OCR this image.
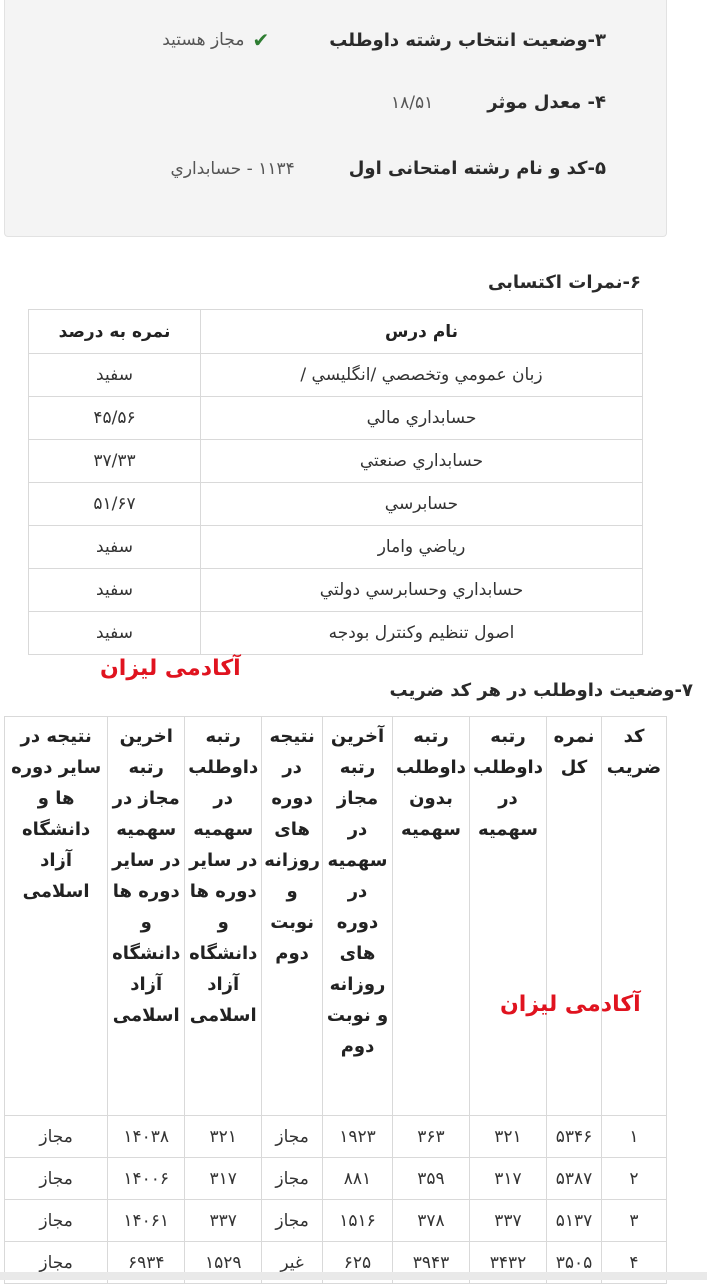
۳-وضعیت انتخاب رشته داوطلب
✔
مجاز هستید
۴- معدل موثر
۱۸/۵۱
۵-کد و نام رشته امتحانی اول
۱۱۳۴ - حسابداري
۶-نمرات اکتسابی
نام درس	نمره به درصد
زبان عمومي وتخصصي /انگليسي /	سفید
حسابداري مالي	۴۵/۵۶
حسابداري صنعتي	۳۷/۳۳
حسابرسي	۵۱/۶۷
رياضي وامار	سفید
حسابداري وحسابرسي دولتي	سفید
اصول تنظيم وكنترل بودجه	سفید
آکادمی لیزان
۷-وضعیت داوطلب در هر کد ضریب
کد ضریب	نمره کل	رتبه داوطلب در سهمیه	رتبه داوطلب بدون سهمیه	آخرین رتبه مجاز در سهمیه در دوره های روزانه و نوبت دوم	نتیجه در دوره های روزانه و نوبت دوم	رتبه داوطلب در سهمیه در سایر دوره ها و دانشگاه آزاد اسلامی	اخرین رتبه مجاز در سهمیه در سایر دوره ها و دانشگاه آزاد اسلامی	نتیجه در سایر دوره ها و دانشگاه آزاد اسلامی
۱	۵۳۴۶	۳۲۱	۳۶۳	۱۹۲۳	مجاز	۳۲۱	۱۴۰۳۸	مجاز
۲	۵۳۸۷	۳۱۷	۳۵۹	۸۸۱	مجاز	۳۱۷	۱۴۰۰۶	مجاز
۳	۵۱۳۷	۳۳۷	۳۷۸	۱۵۱۶	مجاز	۳۳۷	۱۴۰۶۱	مجاز
۴	۳۵۰۵	۳۴۳۲	۳۹۴۳	۶۲۵	غیر	۱۵۲۹	۶۹۳۴	مجاز
آکادمی لیزان
